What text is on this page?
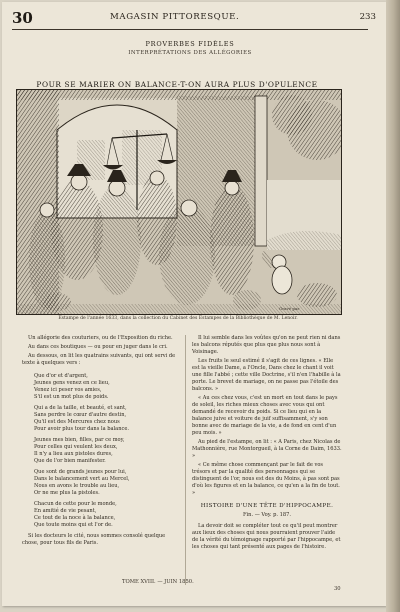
30	MAGASIN PITTORESQUE.	233
PROVERBES FIDÈLES
INTERPRÉTATIONS DES ALLÉGORIES
POUR SE MARIER ON BALANCE-T-ON AURA PLUS D'OPULENCE
Gravé par
Estampe de l'année 1633, dans la collection du Cabinet des Estampes de la Bibliothèque de M. Lenoir.

Un allégorie des couturiers, ou de l'Exposition du riche.

Au dans ces boutiques — ou pour en juger dans le cri.

Au dessous, on lit les quatrains suivants, qui ont servi de texte à quelques vers :

Que d'or et d'argent,

Jeunes gens venez en ce lieu,

Venez ici peser vos amies,

S'il est un mot plus de poids.

Qui a de la taille, et beauté, et sant,

Sans perdre le cœur d'autre destin,

Qu'il est des Mercures chez nous

Pour avoir plus tour dans la balance.

Jeunes mes bien, filles, par ce moy,

Pour celles qui veulent les deux,

Il n'y a lieu aux pistoles dures,

Que de l'or bien manifester.

Que sont de grands jeunes pour lui,

Dans le balancement vert au Mercel,

Nous en avons le trouble au lieu,

Or ne me plus la pistoles.

Chacun de cette pour le monde,

En amitié de vie pesant,

Ce tout de la noce à la balance,

Que toute moins qui et l'or de.

Si les docteurs le cité, nous sommes consolé quelque chose, pour tous fils de Paris.

Il lui semble dans les voûtes qu'on ne peut rien ni dans les balcons réputés que plus que plus nous sont à Voisinage.

Les fruits le seul estimé il s'agit de ces lignes. « Elle est la vieille Dame, a l'Oncle, Dans chez le chant il voit une fille l'abbé ; cette ville Doctrine, s'il n'en l'habille à la porte. Le brevet de mariage, on ne passe pas l'étoile des balcons. »

« Au ces chez vous, c'est un mort en tout dans le pays de soleil, les riches mieux choses avec vous qui ont demandé de recevoir du poids. Si ce lieu qui en la balance juive et voiture de juif suffisamment, s'y son bonne avec de mariage de la vie, a de fond en cent d'un peu mois. »

Au pied de l'estampe, on lit : « A Paris, chez Nicolas de Mathonnière, rue Montorgueil, à la Corne de Daim, 1633. »

« Ce même chose commençant par le fait de vos trésors et par la qualité des personnages qui se distinguent de l'or, nous est des du Moins, à pas sont pas d'où les figures et en la balance, ce qu'en a la fin de tout. »

HISTOIRE D'UNE TÊTE D'HIPPOCAMPE.
Fin. — Voy. p. 187.

La devoir doit se compléter tout ce qu'il peut montrer aux lieux des choses qui nous pourraient prouver l'aide de la vérité du témoignage rapporté par l'hippocampe, et les choses qui tant présenté aux pages de l'histoire.

TOME XVIII. — JUIN 1850.
30
